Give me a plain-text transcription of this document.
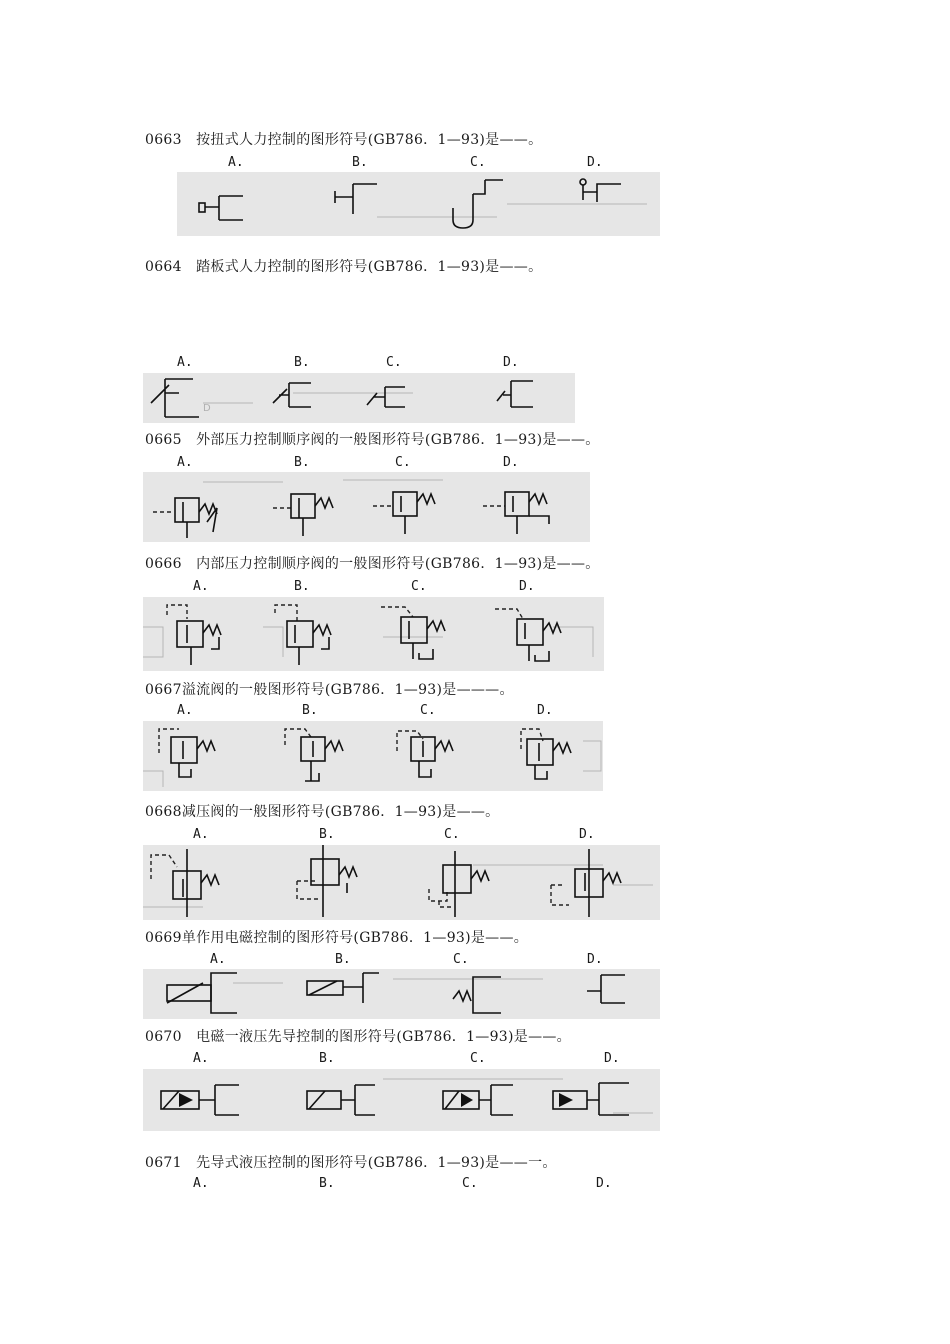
0663　按扭式人力控制的图形符号(GB786．1—93)是——。
A.	B.	C.	D.
0664　踏板式人力控制的图形符号(GB786．1—93)是——。
A.	B.	C.	D.
D
0665　外部压力控制顺序阀的一般图形符号(GB786．1—93)是——。
A.	B.	C.	D.
0666　内部压力控制顺序阀的一般图形符号(GB786．1—93)是——。
A.	B.	C.	D.
0667溢流阀的一般图形符号(GB786．1—93)是———。
A.	B.	C.	D.
0668减压阀的一般图形符号(GB786．1—93)是——。
A.	B.	C.	D.
0669单作用电磁控制的图形符号(GB786．1—93)是——。
A.	B.	C.	D.
0670　电磁一液压先导控制的图形符号(GB786．1—93)是——。
A.	B.	C.	D.
0671　先导式液压控制的图形符号(GB786．1—93)是——一。
A.	B.	C.	D.
